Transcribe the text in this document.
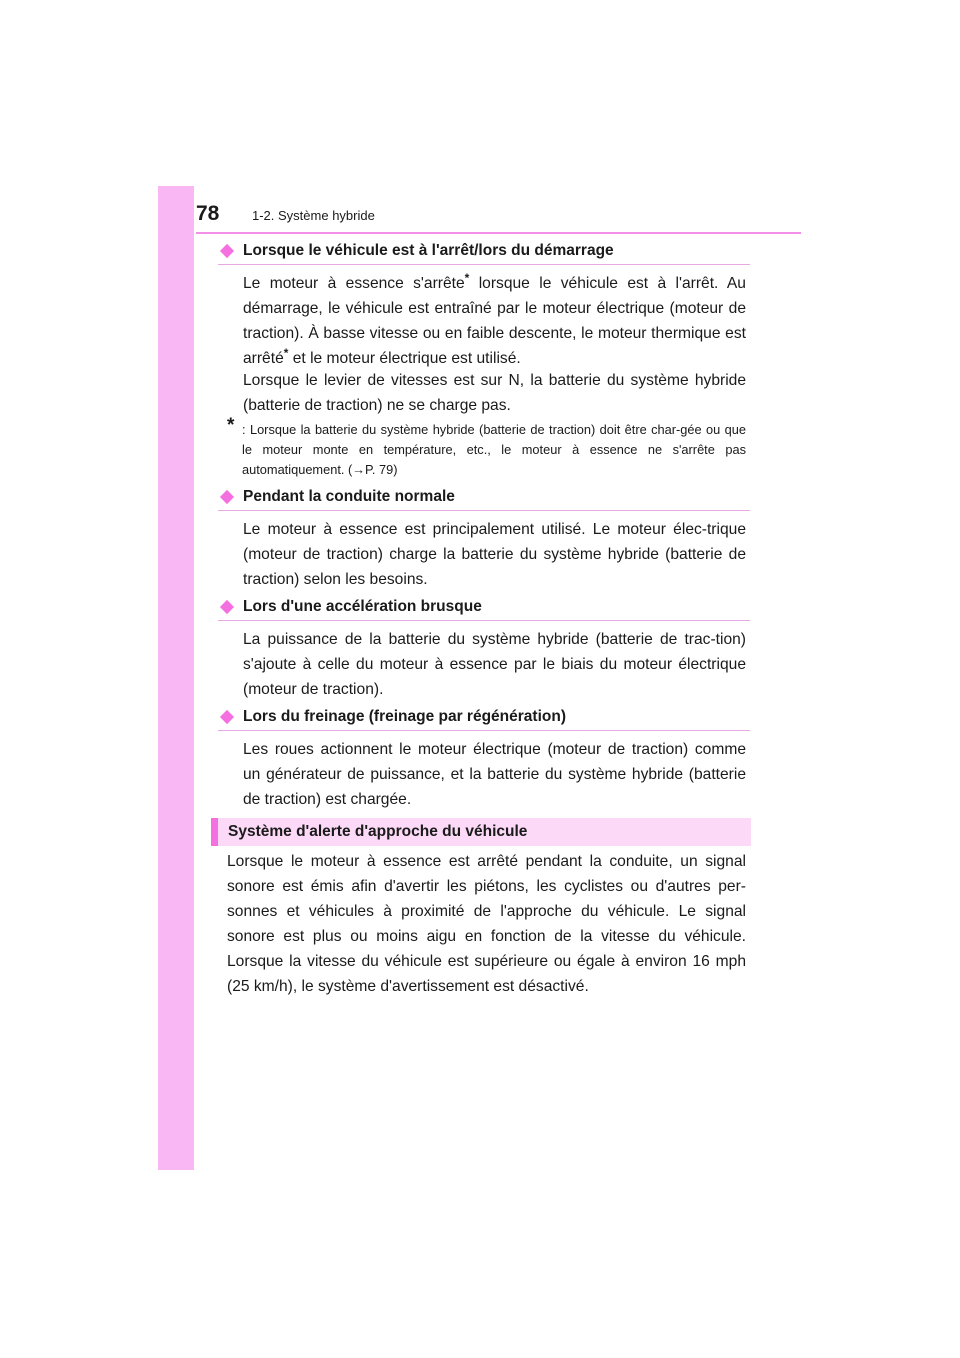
78	1-2. Système hybride
Lorsque le véhicule est à l'arrêt/lors du démarrage
Le moteur à essence s'arrête* lorsque le véhicule est à l'arrêt. Au démarrage, le véhicule est entraîné par le moteur électrique (moteur de traction). À basse vitesse ou en faible descente, le moteur thermique est arrêté* et le moteur électrique est utilisé.
Lorsque le levier de vitesses est sur N, la batterie du système hybride (batterie de traction) ne se charge pas.
* : Lorsque la batterie du système hybride (batterie de traction) doit être char-gée ou que le moteur monte en température, etc., le moteur à essence ne s'arrête pas automatiquement. (→P. 79)
Pendant la conduite normale
Le moteur à essence est principalement utilisé. Le moteur élec-trique (moteur de traction) charge la batterie du système hybride (batterie de traction) selon les besoins.
Lors d'une accélération brusque
La puissance de la batterie du système hybride (batterie de trac-tion) s'ajoute à celle du moteur à essence par le biais du moteur électrique (moteur de traction).
Lors du freinage (freinage par régénération)
Les roues actionnent le moteur électrique (moteur de traction) comme un générateur de puissance, et la batterie du système hybride (batterie de traction) est chargée.
Système d'alerte d'approche du véhicule
Lorsque le moteur à essence est arrêté pendant la conduite, un signal sonore est émis afin d'avertir les piétons, les cyclistes ou d'autres per-sonnes et véhicules à proximité de l'approche du véhicule. Le signal sonore est plus ou moins aigu en fonction de la vitesse du véhicule. Lorsque la vitesse du véhicule est supérieure ou égale à environ 16 mph (25 km/h), le système d'avertissement est désactivé.
